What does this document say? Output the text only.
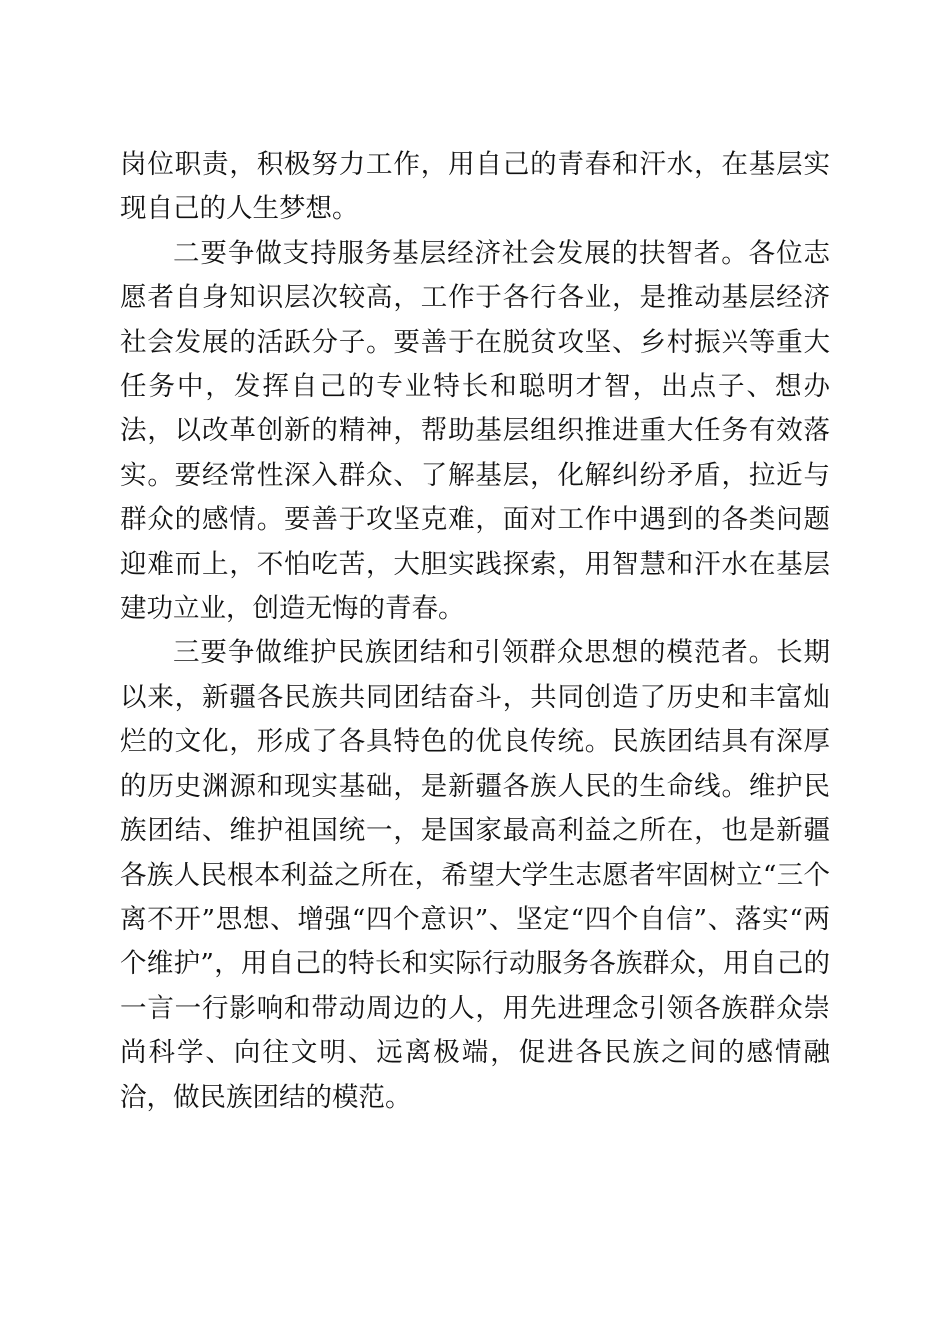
岗位职责，积极努力工作，用自己的青春和汗水，在基层实现自己的人生梦想。

二要争做支持服务基层经济社会发展的扶智者。各位志愿者自身知识层次较高，工作于各行各业，是推动基层经济社会发展的活跃分子。要善于在脱贫攻坚、乡村振兴等重大任务中，发挥自己的专业特长和聪明才智，出点子、想办法，以改革创新的精神，帮助基层组织推进重大任务有效落实。要经常性深入群众、了解基层，化解纠纷矛盾，拉近与群众的感情。要善于攻坚克难，面对工作中遇到的各类问题迎难而上，不怕吃苦，大胆实践探索，用智慧和汗水在基层建功立业，创造无悔的青春。

三要争做维护民族团结和引领群众思想的模范者。长期以来，新疆各民族共同团结奋斗，共同创造了历史和丰富灿烂的文化，形成了各具特色的优良传统。民族团结具有深厚的历史渊源和现实基础，是新疆各族人民的生命线。维护民族团结、维护祖国统一，是国家最高利益之所在，也是新疆各族人民根本利益之所在，希望大学生志愿者牢固树立“三个离不开”思想、增强“四个意识”、坚定“四个自信”、落实“两个维护”，用自己的特长和实际行动服务各族群众，用自己的一言一行影响和带动周边的人，用先进理念引领各族群众崇尚科学、向往文明、远离极端，促进各民族之间的感情融洽，做民族团结的模范。
